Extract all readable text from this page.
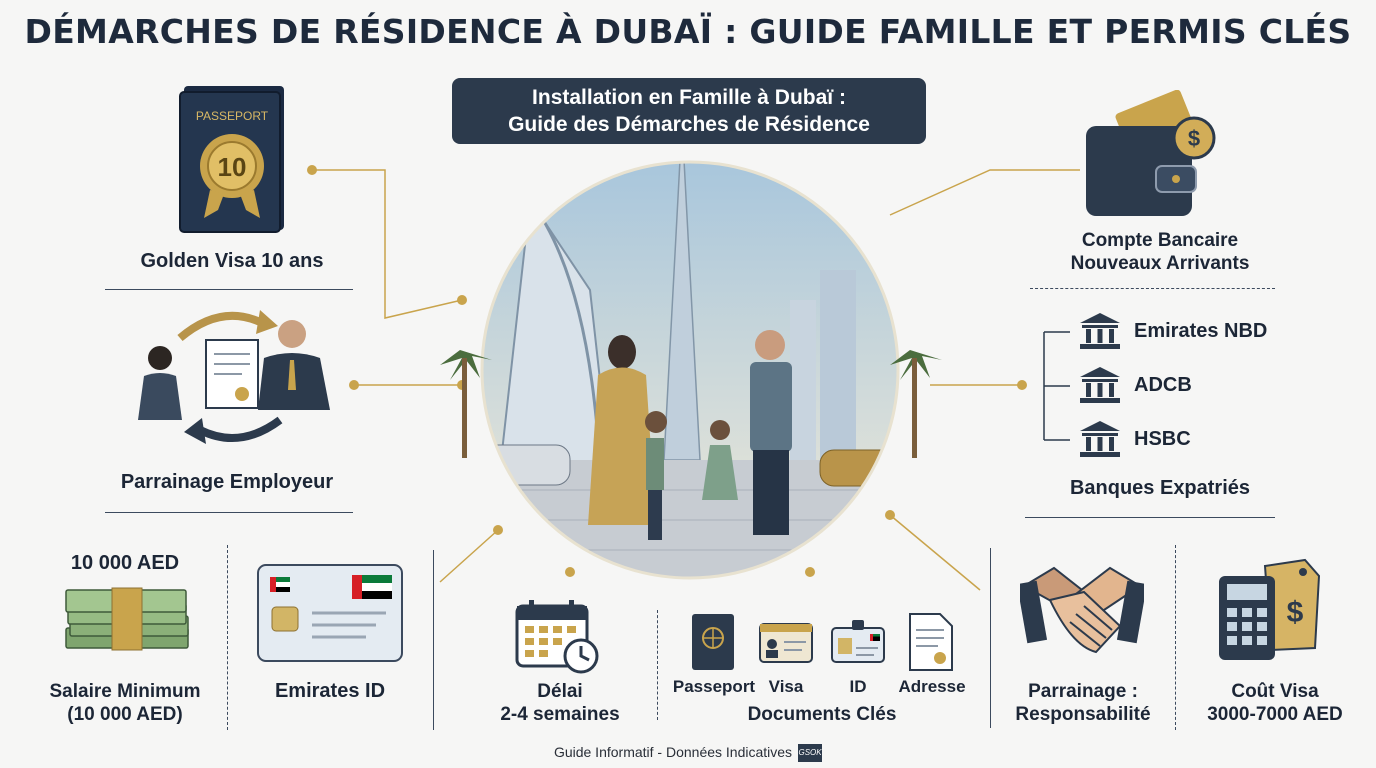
DÉMARCHES DE RÉSIDENCE À DUBAÏ : GUIDE FAMILLE ET PERMIS CLÉS
Installation en Famille à Dubaï :
Guide des Démarches de Résidence
PASSEPORT
10
Golden Visa 10 ans
Parrainage Employeur
$
Compte Bancaire
Nouveaux Arrivants
Emirates NBD
ADCB
HSBC
Banques Expatriés
10 000 AED
Salaire Minimum
(10 000 AED)
Emirates ID	Délai
2-4 semaines
Passeport Visa	ID	Adresse
Documents Clés
Parrainage :
Responsabilité
$
Coût Visa
3000-7000 AED
Guide Informatif - Données Indicatives GSOK
